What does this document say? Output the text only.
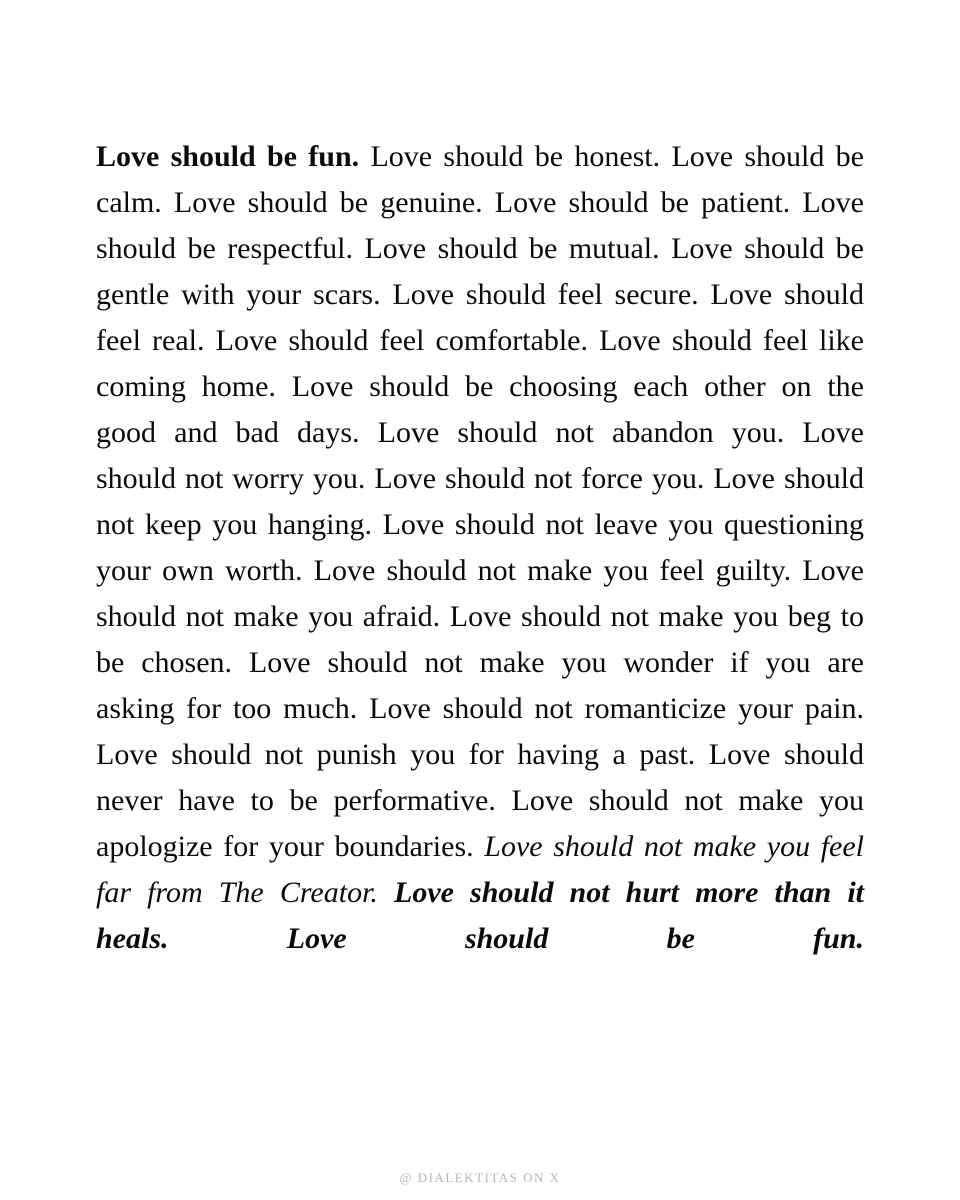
Love should be fun. Love should be honest. Love should be calm. Love should be genuine. Love should be patient. Love should be respectful. Love should be mutual. Love should be gentle with your scars. Love should feel secure. Love should feel real. Love should feel comfortable. Love should feel like coming home. Love should be choosing each other on the good and bad days. Love should not abandon you. Love should not worry you. Love should not force you. Love should not keep you hanging. Love should not leave you questioning your own worth. Love should not make you feel guilty. Love should not make you afraid. Love should not make you beg to be chosen. Love should not make you wonder if you are asking for too much. Love should not romanticize your pain. Love should not punish you for having a past. Love should never have to be performative. Love should not make you apologize for your boundaries. Love should not make you feel far from The Creator. Love should not hurt more than it heals. Love should be fun.

@ DIALEKTITAS ON X
